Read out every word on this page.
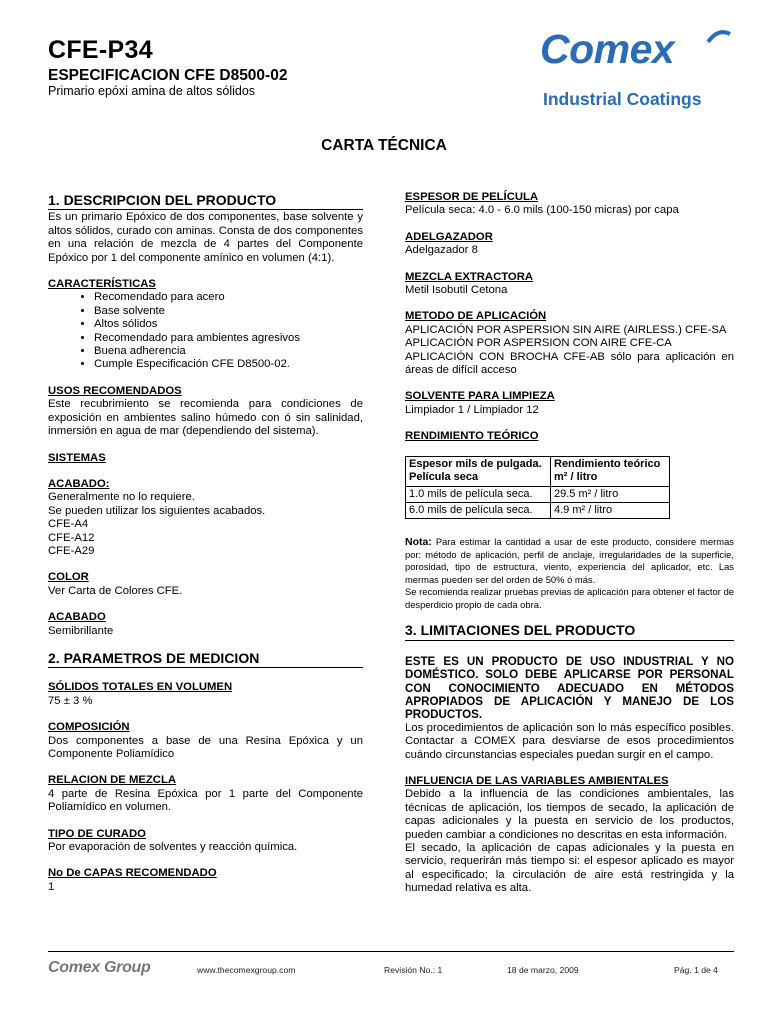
CFE-P34
ESPECIFICACION CFE D8500-02
Primario epóxi amina de altos sólidos
Comex
Industrial Coatings
CARTA TÉCNICA
1. DESCRIPCION DEL PRODUCTO

Es un primario Epóxico de dos componentes, base solvente y altos sólidos, curado con aminas. Consta de dos componentes en una relación de mezcla de 4 partes del Componente Epóxico por 1 del componente amínico en volumen (4:1).

CARACTERÍSTICAS
• Recomendado para acero
• Base solvente
• Altos sólidos
• Recomendado para ambientes agresivos
• Buena adherencia
• Cumple Especificación CFE D8500-02.
USOS RECOMENDADOS

Este recubrimiento se recomienda para condiciones de exposición en ambientes salino húmedo con ó sin salinidad, inmersión en agua de mar (dependiendo del sistema).

SISTEMAS
ACABADO:

Generalmente no lo requiere.

Se pueden utilizar los siguientes acabados.

CFE-A4

CFE-A12

CFE-A29

COLOR

Ver Carta de Colores CFE.

ACABADO

Semibrillante

2. PARAMETROS DE MEDICION
SÓLIDOS TOTALES EN VOLUMEN

75 ± 3 %

COMPOSICIÓN

Dos componentes a base de una Resina Epóxica y un Componente Poliamídico

RELACION DE MEZCLA

4 parte de Resina Epóxica por 1 parte del Componente Poliamídico en volumen.

TIPO DE CURADO

Por evaporación de solventes y reacción química.

No De CAPAS RECOMENDADO

1

ESPESOR DE PELÍCULA

Película seca: 4.0 - 6.0 mils (100-150 micras) por capa

ADELGAZADOR

Adelgazador 8

MEZCLA EXTRACTORA

Metil Isobutil Cetona

METODO DE APLICACIÓN

APLICACIÓN POR ASPERSION SIN AIRE (AIRLESS.) CFE-SA

APLICACIÓN POR ASPERSION CON AIRE CFE-CA

APLICACIÓN CON BROCHA CFE-AB sólo para aplicación en áreas de difícil acceso

SOLVENTE PARA LIMPIEZA

Limpiador 1 / Limpiador 12

RENDIMIENTO TEÓRICO
Espesor mils de pulgada. Película seca	Rendimiento teórico m² / litro
1.0 mils de película seca.	29.5 m² / litro
6.0 mils de película seca.	4.9 m² / litro

Nota: Para estimar la cantidad a usar de este producto, considere mermas por: método de aplicación, perfil de anclaje, irregularidades de la superficie, porosidad, tipo de estructura, viento, experiencia del aplicador, etc. Las mermas pueden ser del orden de 50% ó más.

Se recomienda realizar pruebas previas de aplicación para obtener el factor de desperdicio propio de cada obra.

3. LIMITACIONES DEL PRODUCTO

ESTE ES UN PRODUCTO DE USO INDUSTRIAL Y NO DOMÉSTICO. SOLO DEBE APLICARSE POR PERSONAL CON CONOCIMIENTO ADECUADO EN MÉTODOS APROPIADOS DE APLICACIÓN Y MANEJO DE LOS PRODUCTOS.

Los procedimientos de aplicación son lo más específico posibles. Contactar a COMEX para desviarse de esos procedimientos cuándo circunstancias especiales puedan surgir en el campo.

INFLUENCIA DE LAS VARIABLES AMBIENTALES

Debido a la influencia de las condiciones ambientales, las técnicas de aplicación, los tiempos de secado, la aplicación de capas adicionales y la puesta en servicio de los productos, pueden cambiar a condiciones no descritas en esta información.

El secado, la aplicación de capas adicionales y la puesta en servicio, requerirán más tiempo si: el espesor aplicado es mayor al especificado; la circulación de aire está restringida y la humedad relativa es alta.

Comex Group	www.thecomexgroup.com	Revisión No.: 1	18 de marzo, 2009	Pág. 1 de 4
